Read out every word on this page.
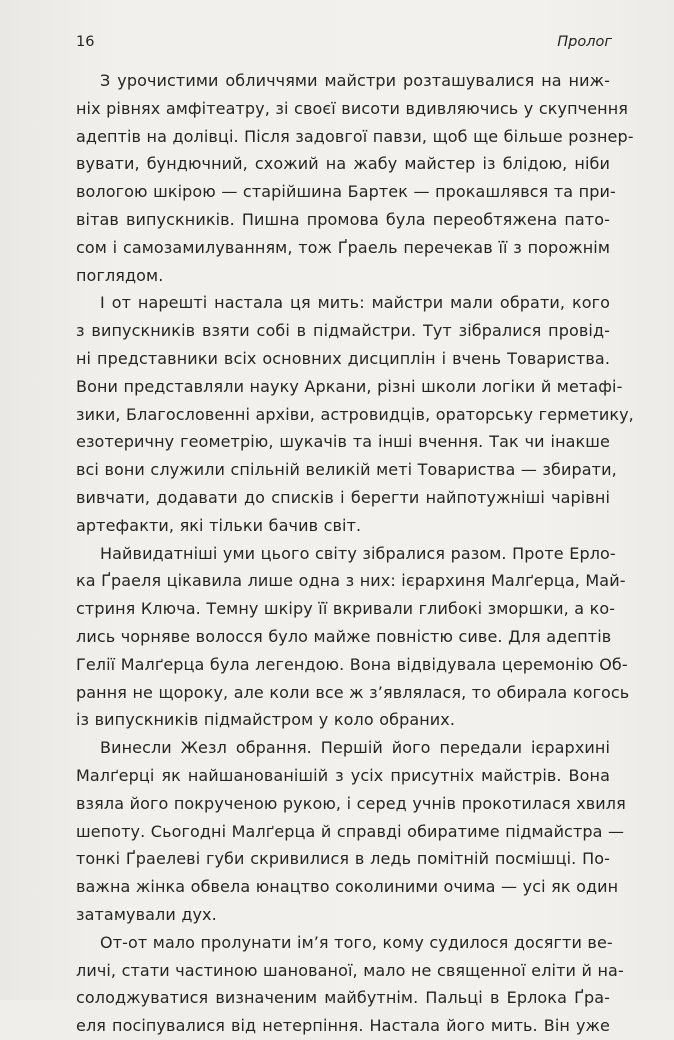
16	Пролог

З урочистими обличчями майстри розташувалися на ниж-
ніх рівнях амфітеатру, зі своєї висоти вдивляючись у скупчення
адептів на долівці. Після задовгої павзи, щоб ще більше рознер-
вувати, бундючний, схожий на жабу майстер із блідою, ніби
вологою шкірою — старійшина Бартек — прокашлявся та при-
вітав випускників. Пишна промова була переобтяжена пато-
сом і самозамилуванням, тож Ґраель перечекав її з порожнім
поглядом.

І от нарешті настала ця мить: майстри мали обрати, кого
з випускників взяти собі в підмайстри. Тут зібралися провід-
ні представники всіх основних дисциплін і вчень Товариства.
Вони представляли науку Аркани, різні школи логіки й метафі-
зики, Благословенні архіви, астровидців, ораторську герметику,
езотеричну геометрію, шукачів та інші вчення. Так чи інакше
всі вони служили спільній великій меті Товариства — збирати,
вивчати, додавати до списків і берегти найпотужніші чарівні
артефакти, які тільки бачив світ.

Найвидатніші уми цього світу зібралися разом. Проте Ерло-
ка Ґраеля цікавила лише одна з них: ієрархиня Малґерца, Май-
стриня Ключа. Темну шкіру її вкривали глибокі зморшки, а ко-
лись чорняве волосся було майже повністю сиве. Для адептів
Гелії Малґерца була легендою. Вона відвідувала церемонію Об-
рання не щороку, але коли все ж з’являлася, то обирала когось
із випускників підмайстром у коло обраних.

Винесли Жезл обрання. Першій його передали ієрархині
Малґерці як найшанованішій з усіх присутніх майстрів. Вона
взяла його покрученою рукою, і серед учнів прокотилася хвиля
шепоту. Сьогодні Малґерца й справді обиратиме підмайстра —
тонкі Ґраелеві губи скривилися в ледь помітній посмішці. По-
важна жінка обвела юнацтво соколиними очима — усі як один
затамували дух.

От-от мало пролунати ім’я того, кому судилося досягти ве-
личі, стати частиною шанованої, мало не священної еліти й на-
солоджуватися визначеним майбутнім. Пальці в Ерлока Ґра-
еля посіпувалися від нетерпіння. Настала його мить. Він уже
